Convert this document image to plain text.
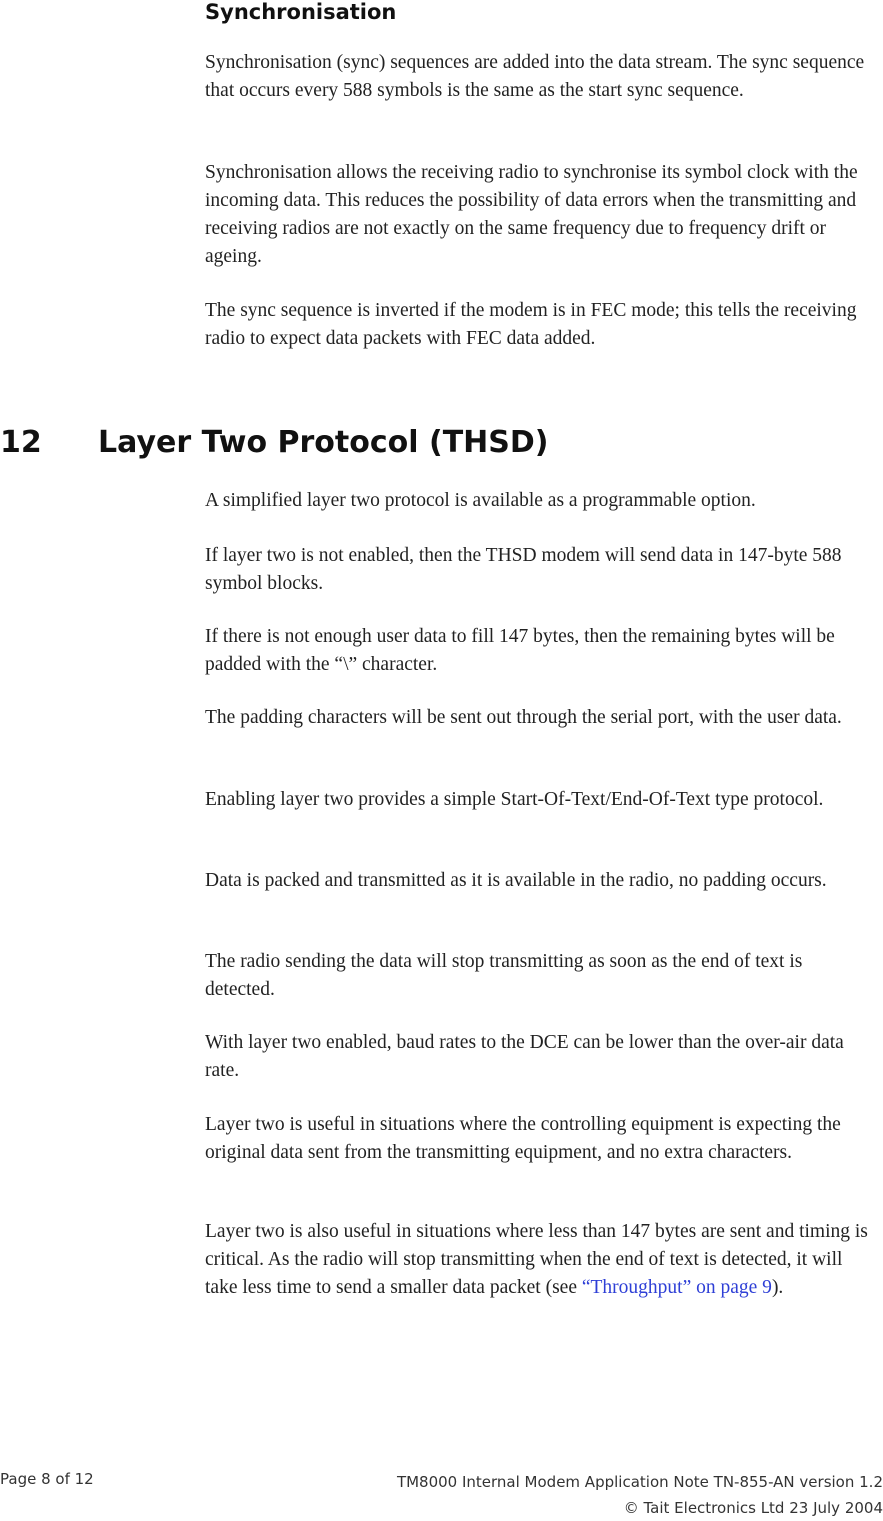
Synchronisation

Synchronisation (sync) sequences are added into the data stream. The sync sequence that occurs every 588 symbols is the same as the start sync sequence.

Synchronisation allows the receiving radio to synchronise its symbol clock with the incoming data. This reduces the possibility of data errors when the transmitting and receiving radios are not exactly on the same frequency due to frequency drift or ageing.

The sync sequence is inverted if the modem is in FEC mode; this tells the receiving radio to expect data packets with FEC data added.

12 Layer Two Protocol (THSD)

A simplified layer two protocol is available as a programmable option.

If layer two is not enabled, then the THSD modem will send data in 147-byte 588 symbol blocks.

If there is not enough user data to fill 147 bytes, then the remaining bytes will be padded with the “\” character.

The padding characters will be sent out through the serial port, with the user data.

Enabling layer two provides a simple Start-Of-Text/End-Of-Text type protocol.

Data is packed and transmitted as it is available in the radio, no padding occurs.

The radio sending the data will stop transmitting as soon as the end of text is detected.

With layer two enabled, baud rates to the DCE can be lower than the over-air data rate.

Layer two is useful in situations where the controlling equipment is expecting the original data sent from the transmitting equipment, and no extra characters.

Layer two is also useful in situations where less than 147 bytes are sent and timing is critical. As the radio will stop transmitting when the end of text is detected, it will take less time to send a smaller data packet (see “Throughput” on page 9).

Page 8 of 12	TM8000 Internal Modem Application Note TN-855-AN version 1.2
© Tait Electronics Ltd 23 July 2004
